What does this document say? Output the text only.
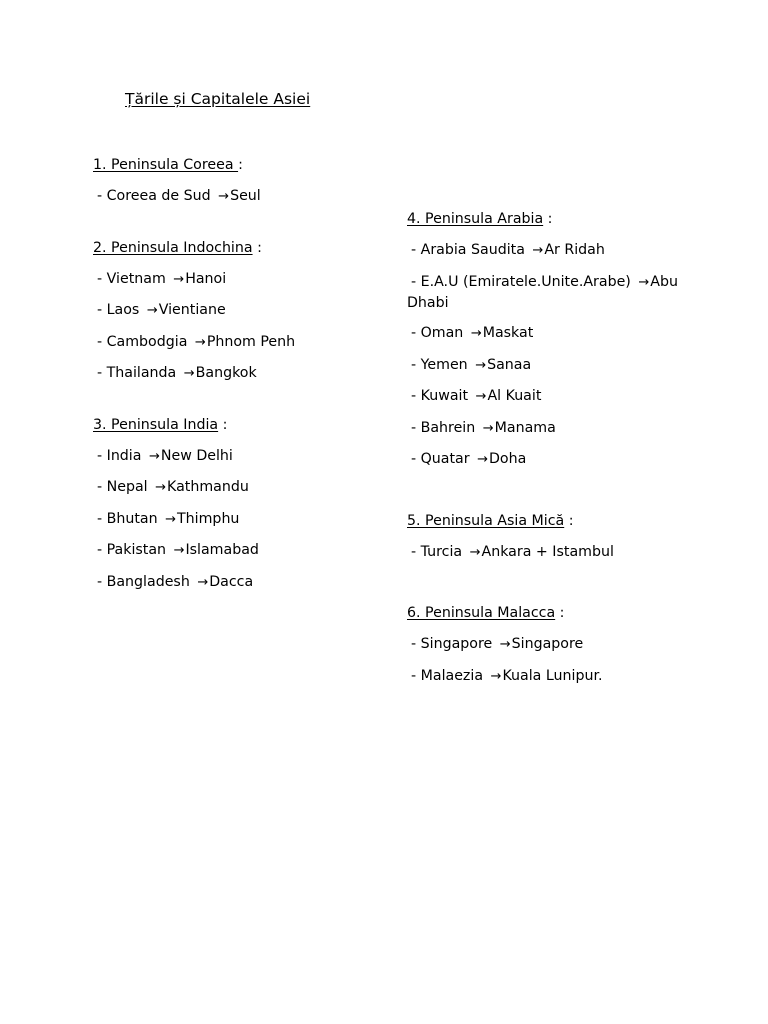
Țările și Capitalele Asiei
1. Peninsula Coreea :
- Coreea de Sud →Seul
2. Peninsula Indochina :
- Vietnam →Hanoi
- Laos →Vientiane
- Cambodgia →Phnom Penh
- Thailanda →Bangkok
3. Peninsula India :
- India →New Delhi
- Nepal →Kathmandu
- Bhutan →Thimphu
- Pakistan →Islamabad
- Bangladesh →Dacca
4. Peninsula Arabia :
- Arabia Saudita →Ar Ridah
- E.A.U (Emiratele.Unite.Arabe) →Abu Dhabi
- Oman →Maskat
- Yemen →Sanaa
- Kuwait →Al Kuait
- Bahrein →Manama
- Quatar →Doha
5. Peninsula Asia Mică :
- Turcia →Ankara + Istambul
6. Peninsula Malacca :
- Singapore →Singapore
- Malaezia →Kuala Lunipur.
